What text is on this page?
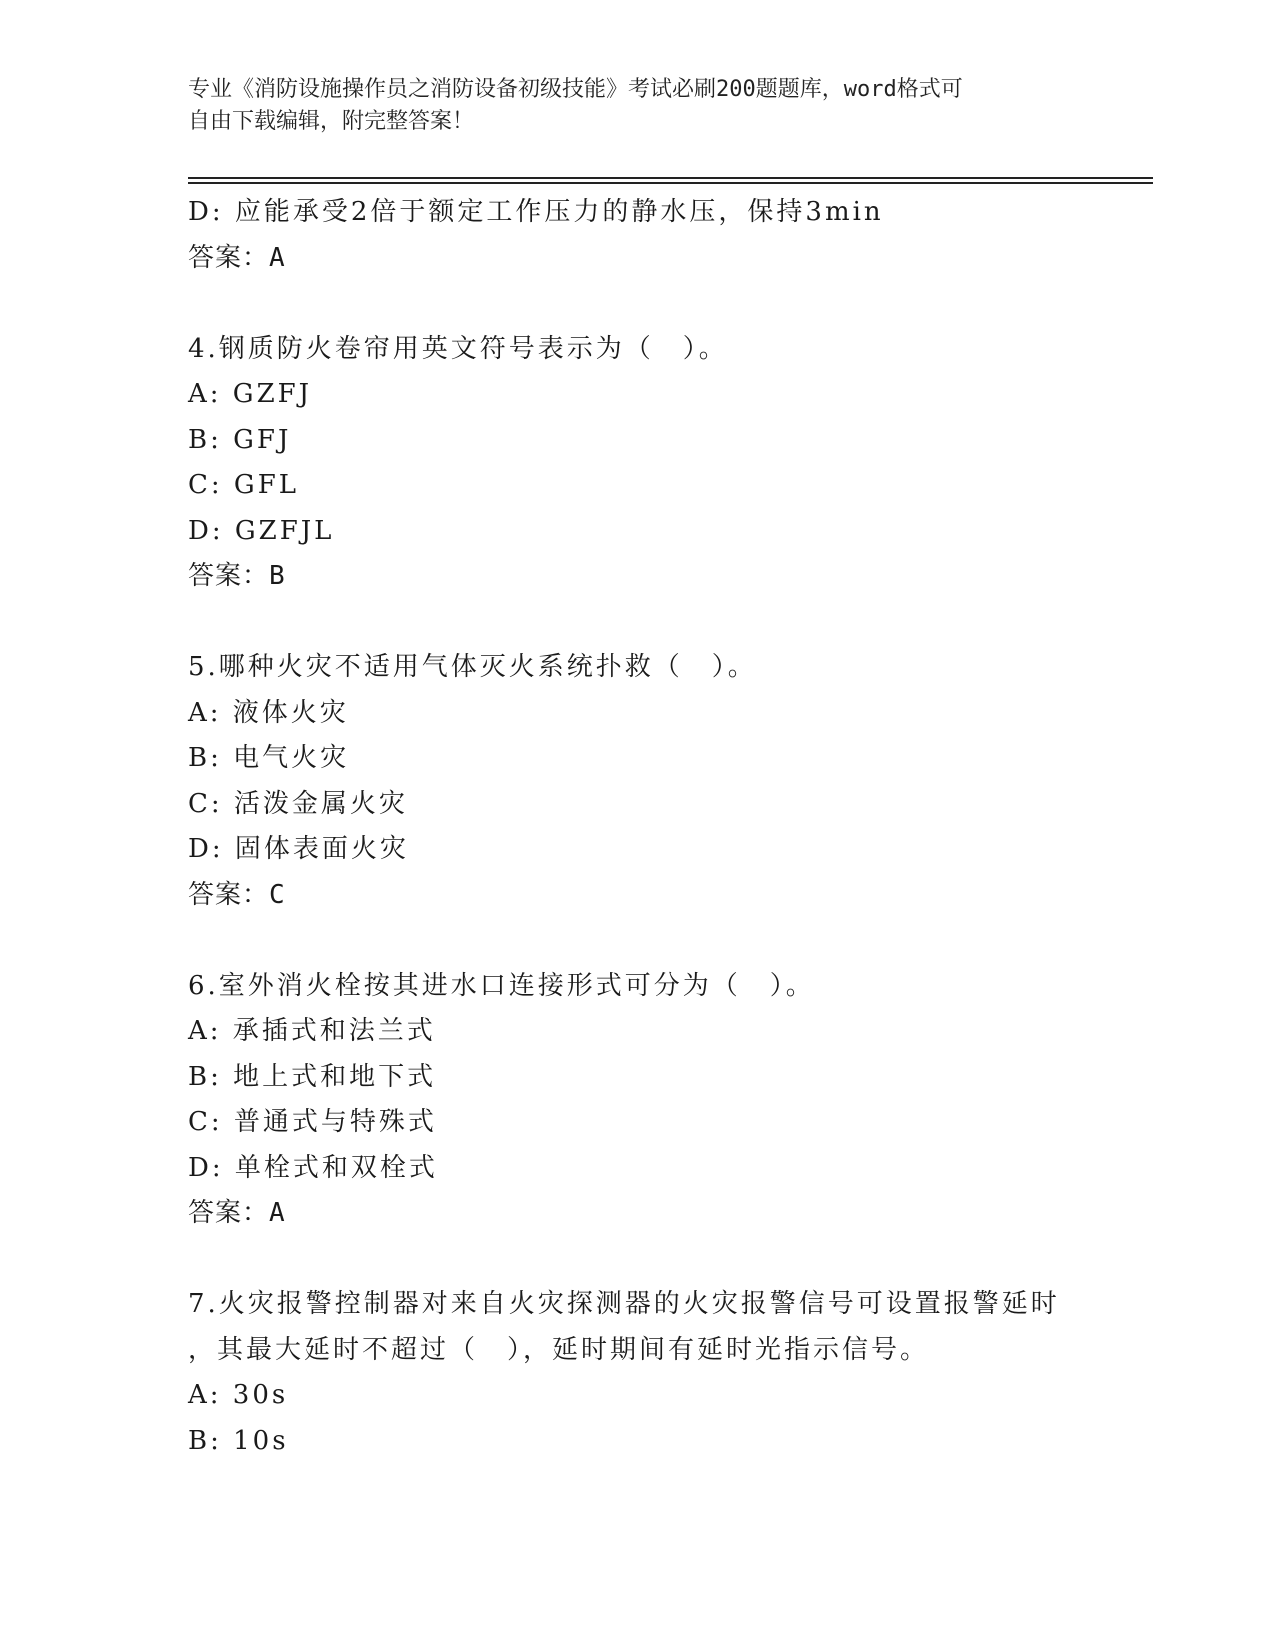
专业《消防设施操作员之消防设备初级技能》考试必刷200题题库，word格式可
自由下载编辑，附完整答案！
D: 应能承受2倍于额定工作压力的静水压，保持3min
答案：A
4.钢质防火卷帘用英文符号表示为（　）。
A: GZFJ
B: GFJ
C: GFL
D: GZFJL
答案：B
5.哪种火灾不适用气体灭火系统扑救（　）。
A: 液体火灾
B: 电气火灾
C: 活泼金属火灾
D: 固体表面火灾
答案：C
6.室外消火栓按其进水口连接形式可分为（　）。
A: 承插式和法兰式
B: 地上式和地下式
C: 普通式与特殊式
D: 单栓式和双栓式
答案：A
7.火灾报警控制器对来自火灾探测器的火灾报警信号可设置报警延时
，其最大延时不超过（　），延时期间有延时光指示信号。
A: 30s
B: 10s
